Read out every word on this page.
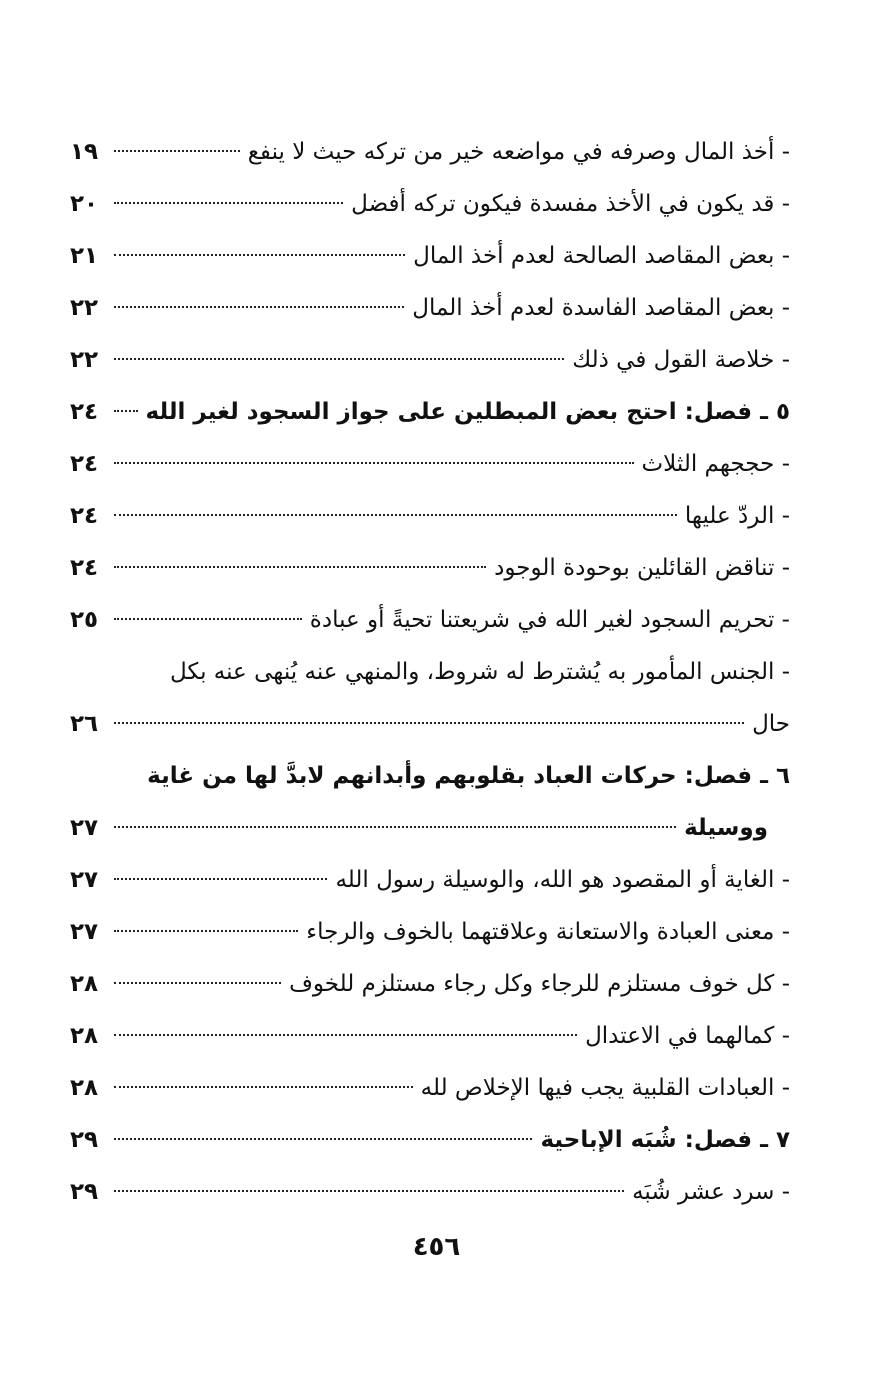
- أخذ المال وصرفه في مواضعه خير من تركه حيث لا ينفع
١٩
- قد يكون في الأخذ مفسدة فيكون تركه أفضل
٢٠
- بعض المقاصد الصالحة لعدم أخذ المال
٢١
- بعض المقاصد الفاسدة لعدم أخذ المال
٢٢
- خلاصة القول في ذلك
٢٢
٥ ـ فصل: احتج بعض المبطلين على جواز السجود لغير الله
٢٤
- حججهم الثلاث
٢٤
- الردّ عليها
٢٤
- تناقض القائلين بوحودة الوجود
٢٤
- تحريم السجود لغير الله في شريعتنا تحيةً أو عبادة
٢٥
- الجنس المأمور به يُشترط له شروط، والمنهي عنه يُنهى عنه بكل
حال
٢٦
٦ ـ فصل: حركات العباد بقلوبهم وأبدانهم لابدَّ لها من غاية
ووسيلة
٢٧
- الغاية أو المقصود هو الله، والوسيلة رسول الله
٢٧
- معنى العبادة والاستعانة وعلاقتهما بالخوف والرجاء
٢٧
- كل خوف مستلزم للرجاء وكل رجاء مستلزم للخوف
٢٨
- كمالهما في الاعتدال
٢٨
- العبادات القلبية يجب فيها الإخلاص لله
٢٨
٧ ـ فصل: شُبَه الإباحية
٢٩
- سرد عشر شُبَه
٢٩
٤٥٦
